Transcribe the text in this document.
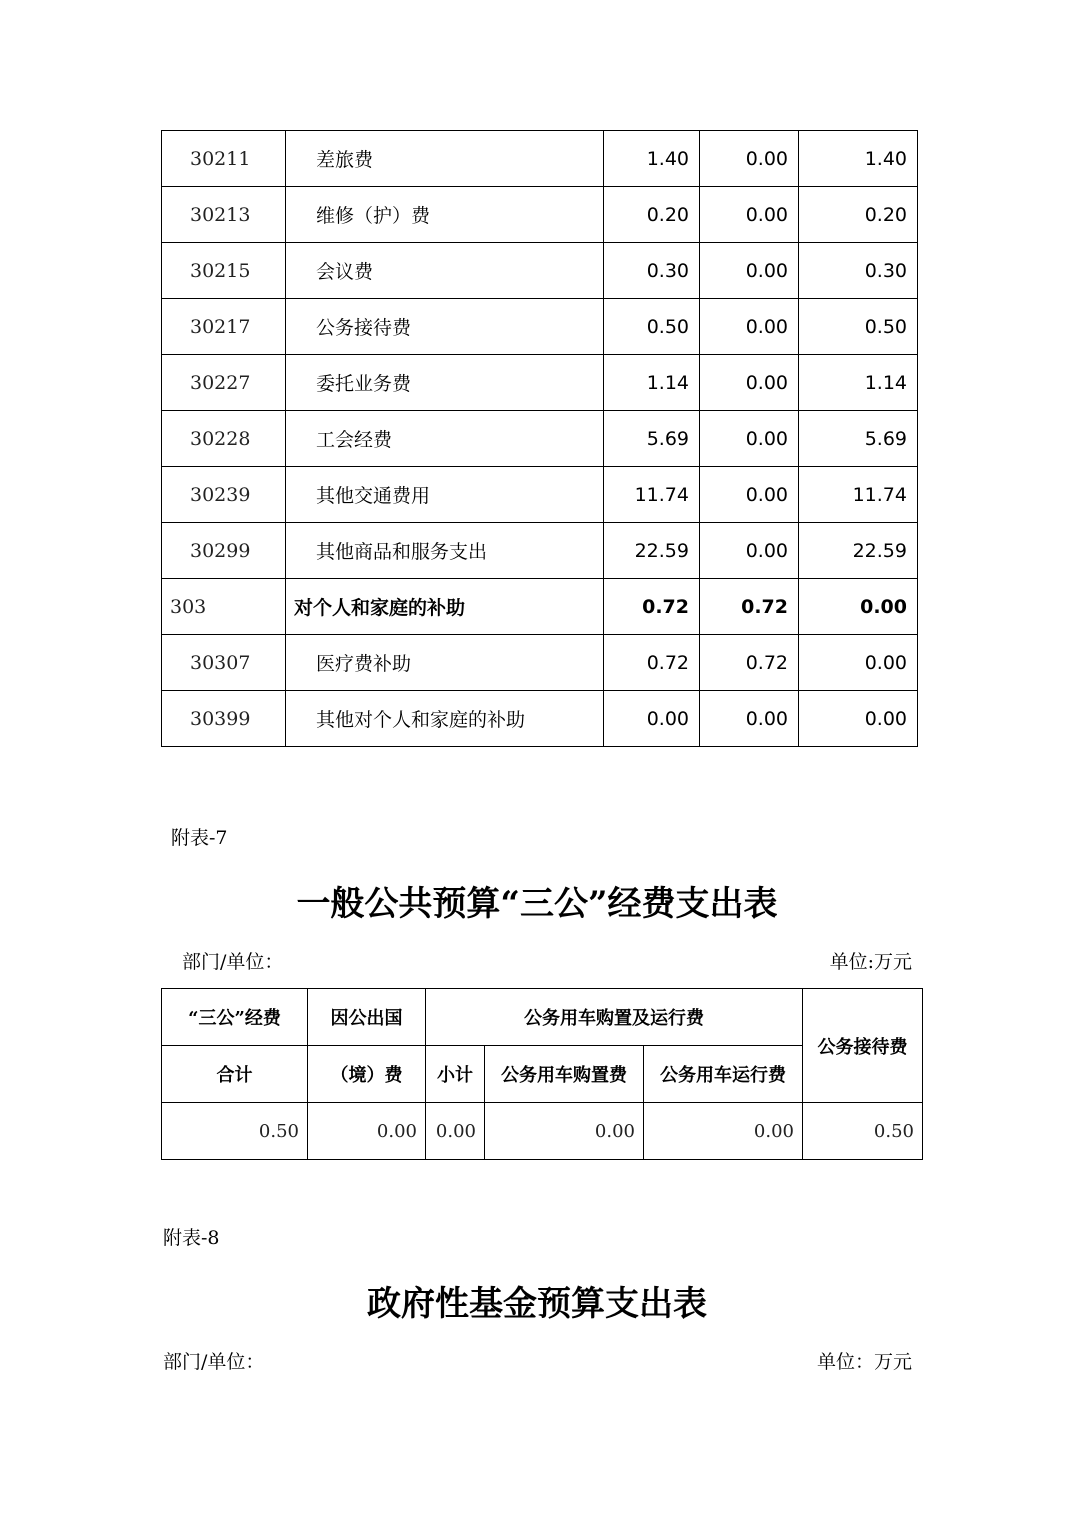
30211	差旅费	1.40	0.00	1.40
30213	维修（护）费	0.20	0.00	0.20
30215	会议费	0.30	0.00	0.30
30217	公务接待费	0.50	0.00	0.50
30227	委托业务费	1.14	0.00	1.14
30228	工会经费	5.69	0.00	5.69
30239	其他交通费用	11.74	0.00	11.74
30299	其他商品和服务支出	22.59	0.00	22.59
303	对个人和家庭的补助	0.72	0.72	0.00
30307	医疗费补助	0.72	0.72	0.00
30399	其他对个人和家庭的补助	0.00	0.00	0.00
附表-7
一般公共预算“三公”经费支出表
部门/单位：	单位:万元
“三公”经费	因公出国	公务用车购置及运行费			公务接待费
合计	（境）费	小计	公务用车购置费	公务用车运行费	
0.50	0.00	0.00	0.00	0.00	0.50
附表-8
政府性基金预算支出表
部门/单位：	单位：万元
